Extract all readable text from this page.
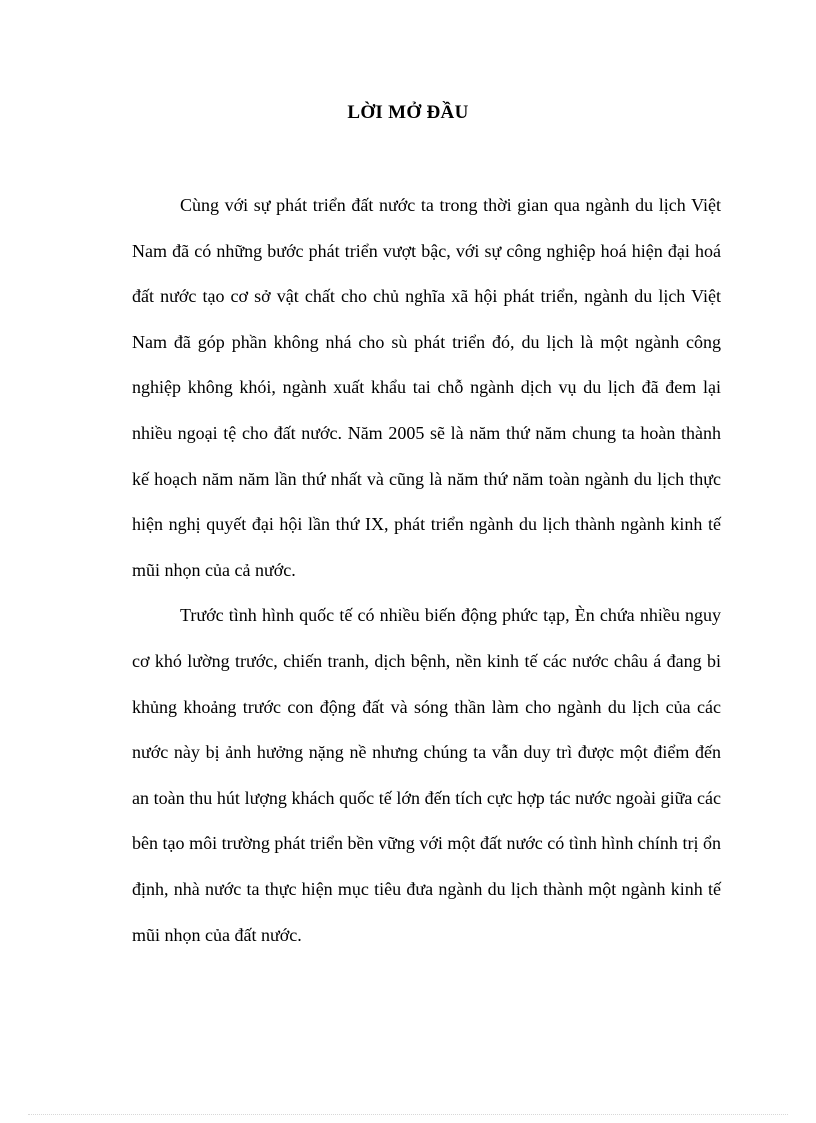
LỜI MỞ ĐẦU

Cùng với sự phát triển đất nước ta trong thời gian qua ngành du lịch Việt Nam đã có những bước phát triển vượt bậc, với sự công nghiệp hoá hiện đại hoá đất nước tạo cơ sở vật chất cho chủ nghĩa xã hội phát triển, ngành du lịch Việt Nam đã góp phần không nhá cho sù phát triển đó, du lịch là một ngành công nghiệp không khói, ngành xuất khẩu tai chỗ ngành dịch vụ du lịch đã đem lại nhiều ngoại tệ cho đất nước. Năm 2005 sẽ là năm thứ năm chung ta hoàn thành kế hoạch năm năm lần thứ nhất và cũng là năm thứ năm toàn ngành du lịch thực hiện nghị quyết đại hội lần thứ IX, phát triển ngành du lịch thành ngành kinh tế mũi nhọn của cả nước.

Trước tình hình quốc tế có nhiều biến động phức tạp, Èn chứa nhiều nguy cơ khó lường trước, chiến tranh, dịch bệnh, nền kinh tế các nước châu á đang bi khủng khoảng trước con động đất và sóng thần làm cho ngành du lịch của các nước này bị ảnh hưởng nặng nề nhưng chúng ta vẫn duy trì được một điểm đến an toàn thu hút lượng khách quốc tế lớn đến tích cực hợp tác nước ngoài giữa các bên tạo môi trường phát triển bền vững với một đất nước có tình hình chính trị ổn định, nhà nước ta thực hiện mục tiêu đưa ngành du lịch thành một ngành kinh tế mũi nhọn của đất nước.
